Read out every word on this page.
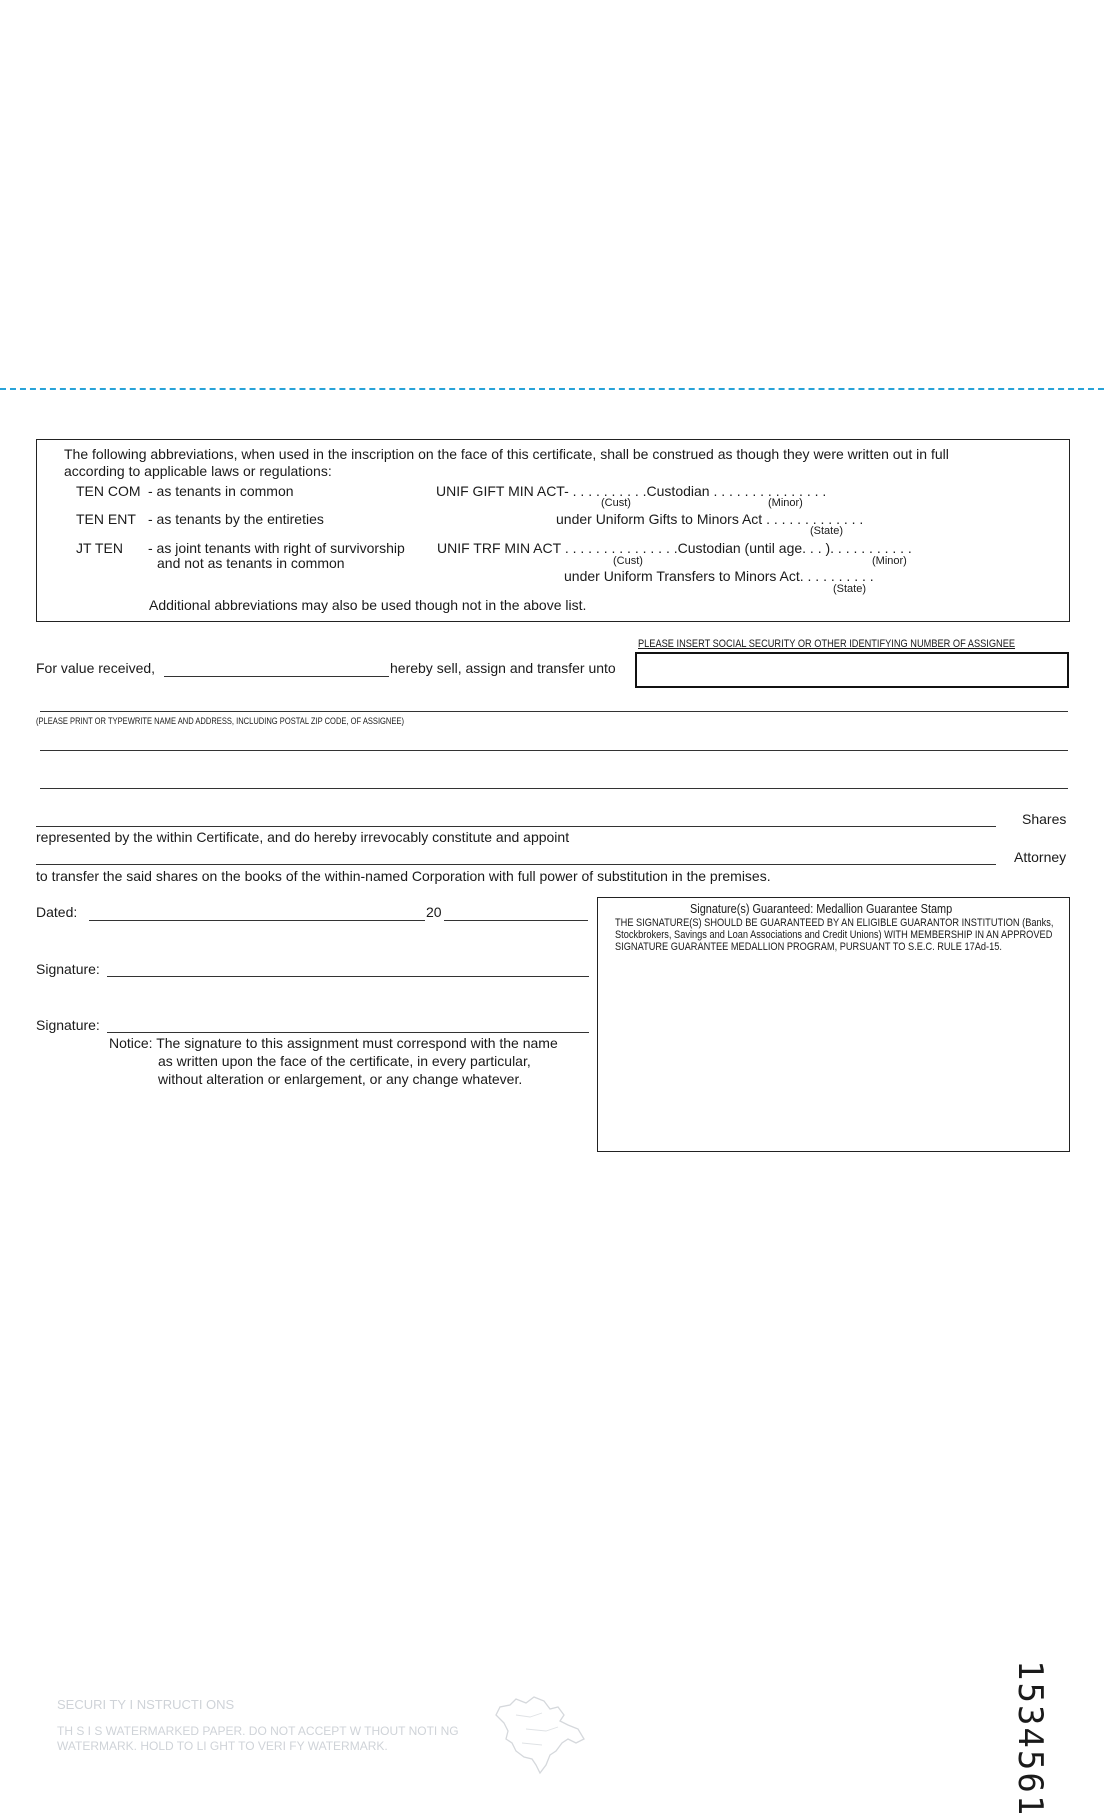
The following abbreviations, when used in the inscription on the face of this certificate, shall be construed as though they were written out in full
according to applicable laws or regulations:
TEN COM - as tenants in common
TEN ENT - as tenants by the entireties
JT TEN - as joint tenants with right of survivorship
and not as tenants in common
UNIF GIFT MIN ACT- . . . . . . . . . .Custodian . . . . . . . . . . . . . . .
(Cust)	(Minor)
under Uniform Gifts to Minors Act . . . . . . . . . . . . .
(State)
UNIF TRF MIN ACT . . . . . . . . . . . . . . .Custodian (until age. . . ). . . . . . . . . . .
(Cust)	(Minor)
under Uniform Transfers to Minors Act. . . . . . . . . .
(State)
Additional abbreviations may also be used though not in the above list.
PLEASE INSERT SOCIAL SECURITY OR OTHER IDENTIFYING NUMBER OF ASSIGNEE
For value received,	hereby sell, assign and transfer unto
(PLEASE PRINT OR TYPEWRITE NAME AND ADDRESS, INCLUDING POSTAL ZIP CODE, OF ASSIGNEE)
Shares
represented by the within Certificate, and do hereby irrevocably constitute and appoint
Attorney
to transfer the said shares on the books of the within-named Corporation with full power of substitution in the premises.
Dated:	20
Signature:
Signature:
Notice: The signature to this assignment must correspond with the name
as written upon the face of the certificate, in every particular,
without alteration or enlargement, or any change whatever.
Signature(s) Guaranteed: Medallion Guarantee Stamp
THE SIGNATURE(S) SHOULD BE GUARANTEED BY AN ELIGIBLE GUARANTOR INSTITUTION (Banks,
Stockbrokers, Savings and Loan Associations and Credit Unions) WITH MEMBERSHIP IN AN APPROVED
SIGNATURE GUARANTEE MEDALLION PROGRAM, PURSUANT TO S.E.C. RULE 17Ad-15.
SECURI TY I NSTRUCTI ONS
TH S I S WATERMARKED PAPER. DO NOT ACCEPT W THOUT NOTI NG
WATERMARK. HOLD TO LI GHT TO VERI FY WATERMARK.	1534561
